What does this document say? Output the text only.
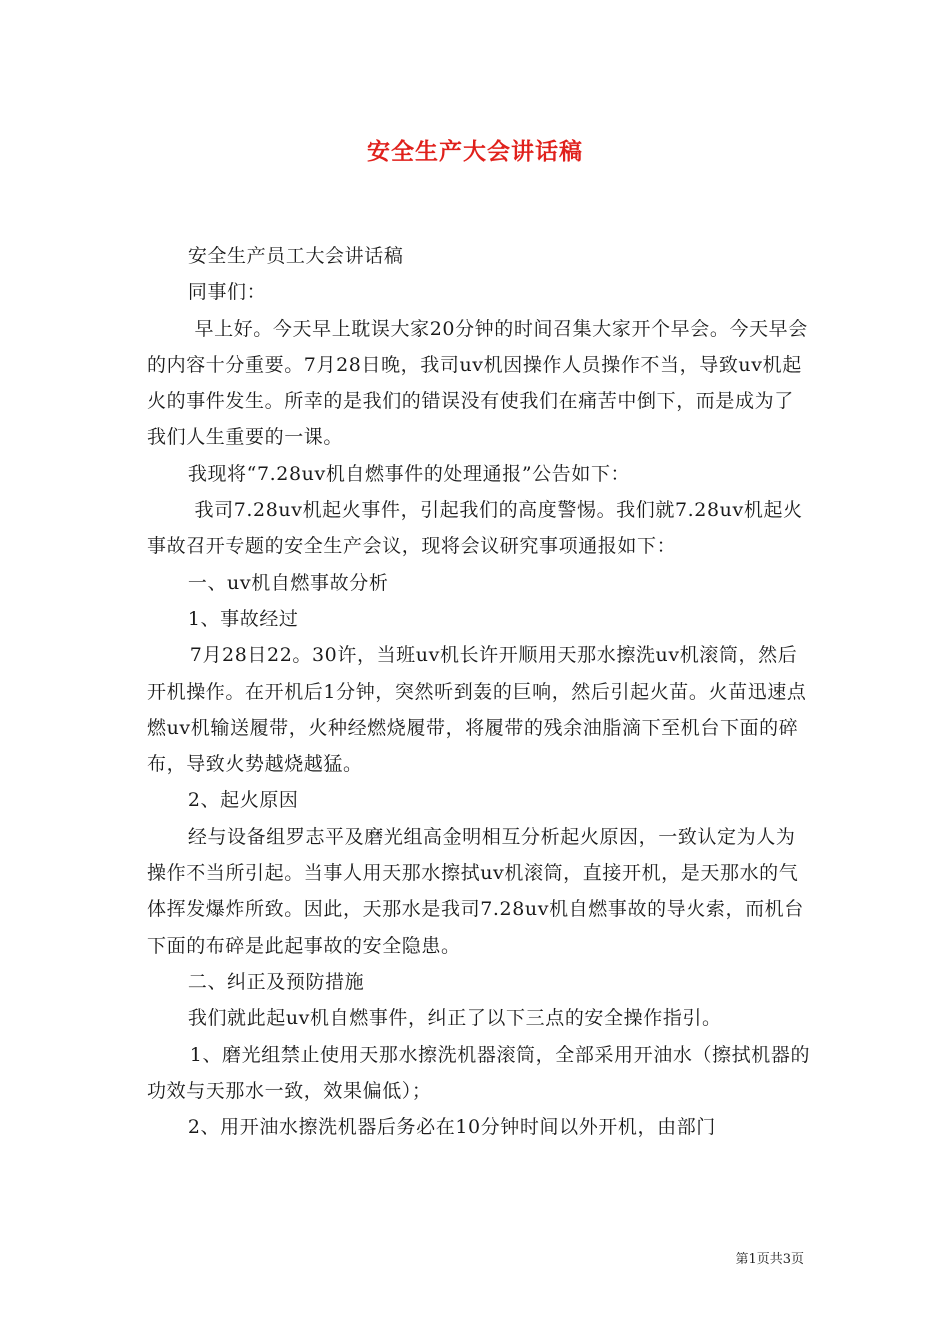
安全生产大会讲话稿

安全生产员工大会讲话稿

同事们：

早上好。今天早上耽误大家20分钟的时间召集大家开个早会。今天早会的内容十分重要。7月28日晚，我司uv机因操作人员操作不当，导致uv机起火的事件发生。所幸的是我们的错误没有使我们在痛苦中倒下，而是成为了我们人生重要的一课。

我现将“7.28uv机自燃事件的处理通报”公告如下：

我司7.28uv机起火事件，引起我们的高度警惕。我们就7.28uv机起火事故召开专题的安全生产会议，现将会议研究事项通报如下：

一、uv机自燃事故分析

1、事故经过

7月28日22。30许，当班uv机长许开顺用天那水擦洗uv机滚筒，然后开机操作。在开机后1分钟，突然听到轰的巨响，然后引起火苗。火苗迅速点燃uv机输送履带，火种经燃烧履带，将履带的残余油脂滴下至机台下面的碎布，导致火势越烧越猛。

2、起火原因

经与设备组罗志平及磨光组高金明相互分析起火原因，一致认定为人为操作不当所引起。当事人用天那水擦拭uv机滚筒，直接开机，是天那水的气体挥发爆炸所致。因此，天那水是我司7.28uv机自燃事故的导火索，而机台下面的布碎是此起事故的安全隐患。

二、纠正及预防措施

我们就此起uv机自燃事件，纠正了以下三点的安全操作指引。

1、磨光组禁止使用天那水擦洗机器滚筒，全部采用开油水（擦拭机器的功效与天那水一致，效果偏低）；

2、用开油水擦洗机器后务必在10分钟时间以外开机，由部门

第1页共3页
